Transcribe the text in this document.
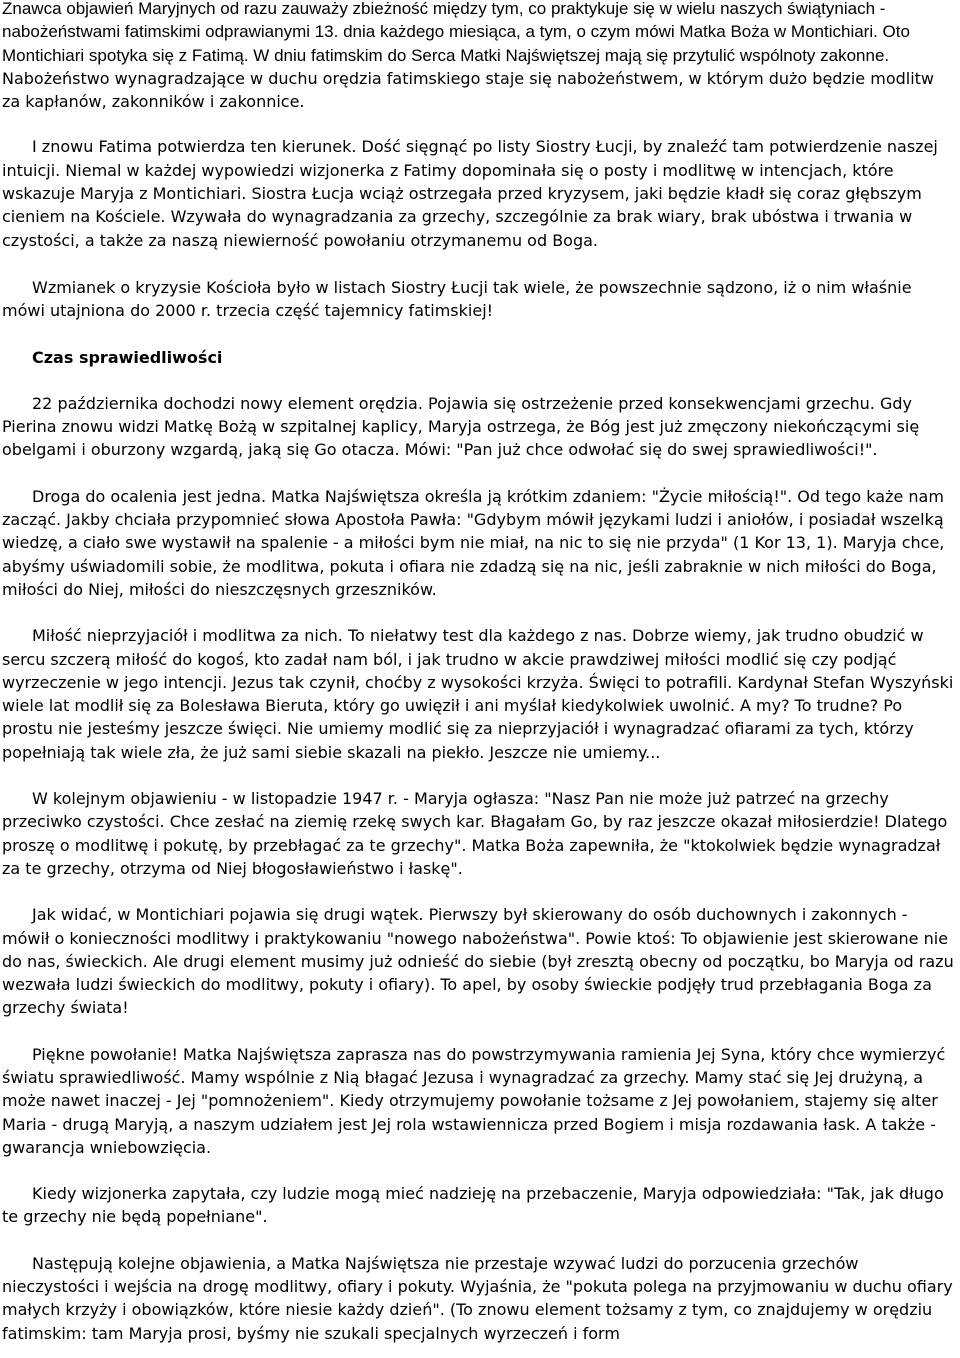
Znawca objawień Maryjnych od razu zauważy zbieżność między tym, co praktykuje się w wielu naszych świątyniach - nabożeństwami fatimskimi odprawianymi 13. dnia każdego miesiąca, a tym, o czym mówi Matka Boża w Montichiari. Oto Montichiari spotyka się z Fatimą. W dniu fatimskim do Serca Matki Najświętszej mają się przytulić wspólnoty zakonne. Nabożeństwo wynagradzające w duchu orędzia fatimskiego staje się nabożeństwem, w którym dużo będzie modlitw za kapłanów, zakonników i zakonnice.

I znowu Fatima potwierdza ten kierunek. Dość sięgnąć po listy Siostry Łucji, by znaleźć tam potwierdzenie naszej intuicji. Niemal w każdej wypowiedzi wizjonerka z Fatimy dopominała się o posty i modlitwę w intencjach, które wskazuje Maryja z Montichiari. Siostra Łucja wciąż ostrzegała przed kryzysem, jaki będzie kładł się coraz głębszym cieniem na Kościele. Wzywała do wynagradzania za grzechy, szczególnie za brak wiary, brak ubóstwa i trwania w czystości, a także za naszą niewierność powołaniu otrzymanemu od Boga.

Wzmianek o kryzysie Kościoła było w listach Siostry Łucji tak wiele, że powszechnie sądzono, iż o nim właśnie mówi utajniona do 2000 r. trzecia część tajemnicy fatimskiej!

Czas sprawiedliwości

22 października dochodzi nowy element orędzia. Pojawia się ostrzeżenie przed konsekwencjami grzechu. Gdy Pierina znowu widzi Matkę Bożą w szpitalnej kaplicy, Maryja ostrzega, że Bóg jest już zmęczony niekończącymi się obelgami i oburzony wzgardą, jaką się Go otacza. Mówi: "Pan już chce odwołać się do swej sprawiedliwości!".

Droga do ocalenia jest jedna. Matka Najświętsza określa ją krótkim zdaniem: "Życie miłością!". Od tego każe nam zacząć. Jakby chciała przypomnieć słowa Apostoła Pawła: "Gdybym mówił językami ludzi i aniołów, i posiadał wszelką wiedzę, a ciało swe wystawił na spalenie - a miłości bym nie miał, na nic to się nie przyda" (1 Kor 13, 1). Maryja chce, abyśmy uświadomili sobie, że modlitwa, pokuta i ofiara nie zdadzą się na nic, jeśli zabraknie w nich miłości do Boga, miłości do Niej, miłości do nieszczęsnych grzeszników.

Miłość nieprzyjaciół i modlitwa za nich. To niełatwy test dla każdego z nas. Dobrze wiemy, jak trudno obudzić w sercu szczerą miłość do kogoś, kto zadał nam ból, i jak trudno w akcie prawdziwej miłości modlić się czy podjąć wyrzeczenie w jego intencji. Jezus tak czynił, choćby z wysokości krzyża. Święci to potrafili. Kardynał Stefan Wyszyński wiele lat modlił się za Bolesława Bieruta, który go uwięził i ani myślał kiedykolwiek uwolnić. A my? To trudne? Po prostu nie jesteśmy jeszcze święci. Nie umiemy modlić się za nieprzyjaciół i wynagradzać ofiarami za tych, którzy popełniają tak wiele zła, że już sami siebie skazali na piekło. Jeszcze nie umiemy...

W kolejnym objawieniu - w listopadzie 1947 r. - Maryja ogłasza: "Nasz Pan nie może już patrzeć na grzechy przeciwko czystości. Chce zesłać na ziemię rzekę swych kar. Błagałam Go, by raz jeszcze okazał miłosierdzie! Dlatego proszę o modlitwę i pokutę, by przebłagać za te grzechy". Matka Boża zapewniła, że "ktokolwiek będzie wynagradzał za te grzechy, otrzyma od Niej błogosławieństwo i łaskę".

Jak widać, w Montichiari pojawia się drugi wątek. Pierwszy był skierowany do osób duchownych i zakonnych - mówił o konieczności modlitwy i praktykowaniu "nowego nabożeństwa". Powie ktoś: To objawienie jest skierowane nie do nas, świeckich. Ale drugi element musimy już odnieść do siebie (był zresztą obecny od początku, bo Maryja od razu wezwała ludzi świeckich do modlitwy, pokuty i ofiary). To apel, by osoby świeckie podjęły trud przebłagania Boga za grzechy świata!

Piękne powołanie! Matka Najświętsza zaprasza nas do powstrzymywania ramienia Jej Syna, który chce wymierzyć światu sprawiedliwość. Mamy wspólnie z Nią błagać Jezusa i wynagradzać za grzechy. Mamy stać się Jej drużyną, a może nawet inaczej - Jej "pomnożeniem". Kiedy otrzymujemy powołanie tożsame z Jej powołaniem, stajemy się alter Maria - drugą Maryją, a naszym udziałem jest Jej rola wstawiennicza przed Bogiem i misja rozdawania łask. A także - gwarancja wniebowzięcia.

Kiedy wizjonerka zapytała, czy ludzie mogą mieć nadzieję na przebaczenie, Maryja odpowiedziała: "Tak, jak długo te grzechy nie będą popełniane".

Następują kolejne objawienia, a Matka Najświętsza nie przestaje wzywać ludzi do porzucenia grzechów nieczystości i wejścia na drogę modlitwy, ofiary i pokuty. Wyjaśnia, że "pokuta polega na przyjmowaniu w duchu ofiary małych krzyży i obowiązków, które niesie każdy dzień". (To znowu element tożsamy z tym, co znajdujemy w orędziu fatimskim: tam Maryja prosi, byśmy nie szukali specjalnych wyrzeczeń i form
